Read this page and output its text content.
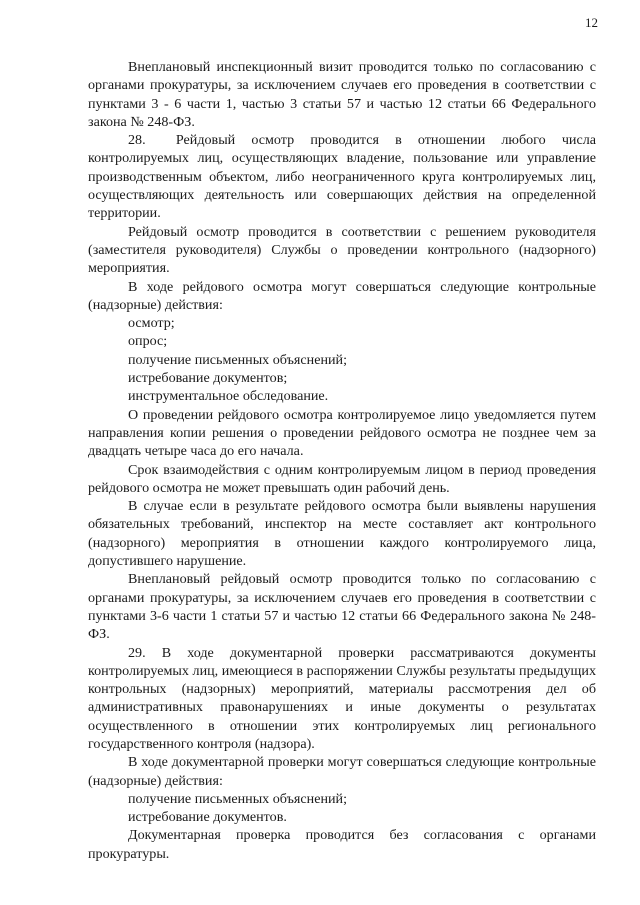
12

Внеплановый инспекционный визит проводится только по согласованию с органами прокуратуры, за исключением случаев его проведения в соответствии с пунктами 3 - 6 части 1, частью 3 статьи 57 и частью 12 статьи 66 Федерального закона № 248-ФЗ.

28.  Рейдовый осмотр проводится в отношении любого числа контролируемых лиц, осуществляющих владение, пользование или управление производственным объектом, либо неограниченного круга контролируемых лиц, осуществляющих деятельность или совершающих действия на определенной территории.

Рейдовый осмотр проводится в соответствии с решением руководителя (заместителя руководителя) Службы о проведении контрольного (надзорного) мероприятия.

В ходе рейдового осмотра могут совершаться следующие контрольные (надзорные) действия:

осмотр;

опрос;

получение письменных объяснений;

истребование документов;

инструментальное обследование.

О проведении рейдового осмотра контролируемое лицо уведомляется путем направления копии решения о проведении рейдового осмотра не позднее чем за двадцать четыре часа до его начала.

Срок взаимодействия с одним контролируемым лицом в период проведения рейдового осмотра не может превышать один рабочий день.

В случае если в результате рейдового осмотра были выявлены нарушения обязательных требований, инспектор на месте составляет акт контрольного (надзорного) мероприятия в отношении каждого контролируемого лица, допустившего нарушение.

Внеплановый рейдовый осмотр проводится только по согласованию с органами прокуратуры, за исключением случаев его проведения в соответствии с пунктами 3-6 части 1 статьи 57 и частью 12 статьи 66 Федерального закона № 248-ФЗ.

29. В ходе документарной проверки рассматриваются документы контролируемых лиц, имеющиеся в распоряжении Службы результаты предыдущих контрольных (надзорных) мероприятий, материалы рассмотрения дел об административных правонарушениях и иные документы о результатах осуществленного в отношении этих контролируемых лиц регионального государственного контроля (надзора).

В ходе документарной проверки могут совершаться следующие контрольные (надзорные) действия:

получение письменных объяснений;

истребование документов.

Документарная проверка проводится без согласования с органами прокуратуры.
